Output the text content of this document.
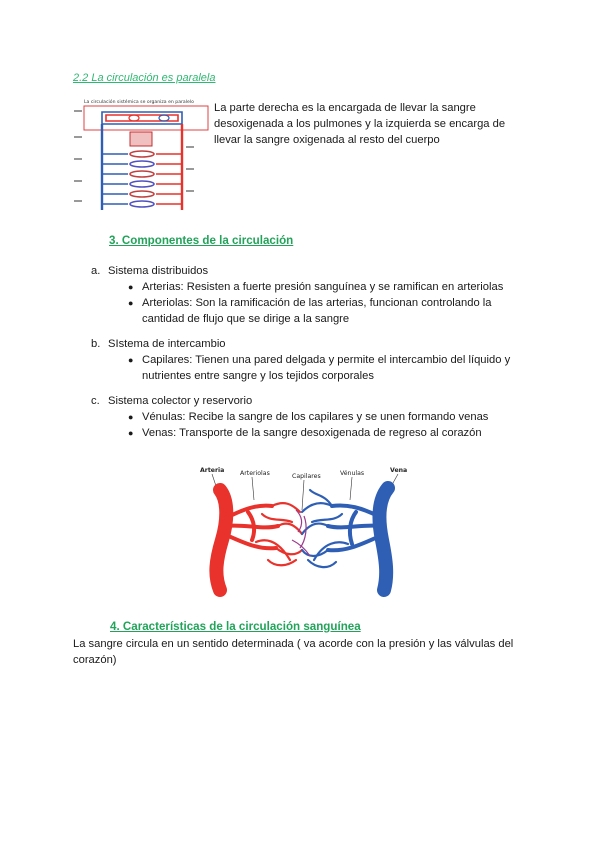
2.2 La circulación es paralela
La circulación sistémica se organiza en paralelo La parte derecha es la encargada de llevar la sangre
desoxigenada a los pulmones y la izquierda se encarga de
llevar la sangre oxigenada al resto del cuerpo
3. Componentes de la circulación
a. Sistema distribuidos
● Arterias: Resisten a fuerte presión sanguínea y se ramifican en arteriolas
● Arteriolas: Son la ramificación de las arterias, funcionan controlando la
cantidad de flujo que se dirige a la sangre
b. SIstema de intercambio
● Capilares: Tienen una pared delgada y permite el intercambio del líquido y
nutrientes entre sangre y los tejidos corporales
c. Sistema colector y reservorio
● Vénulas: Recibe la sangre de los capilares y se unen formando venas
● Venas: Transporte de la sangre desoxigenada de regreso al corazón
Arteria	Arteriolas	Capilares	Vénulas	Vena
4. Características de la circulación sanguínea
La sangre circula en un sentido determinada ( va acorde con la presión y las válvulas del
corazón)
